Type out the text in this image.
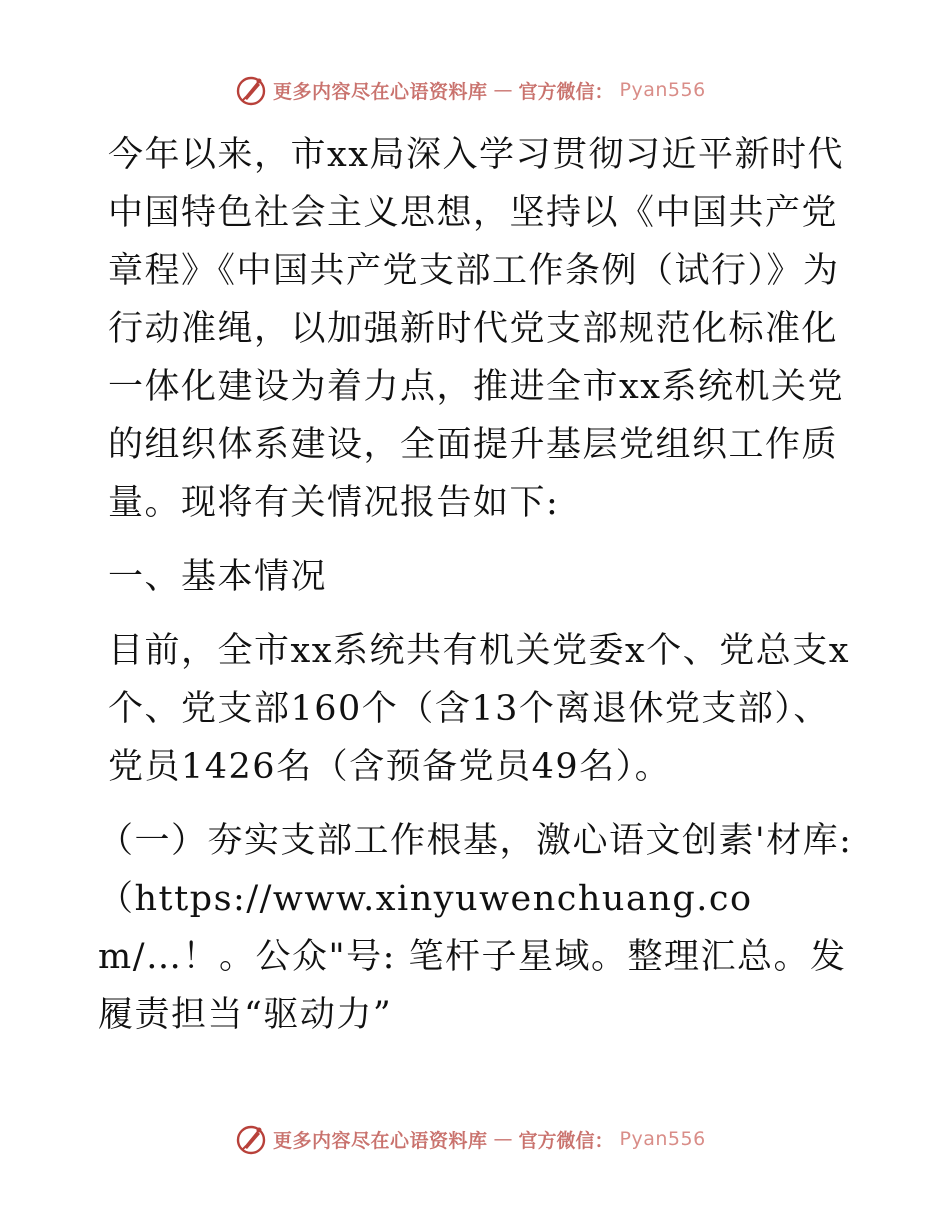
更多内容尽在心语资料库 — 官方微信： Pyan556

今年以来，市xx局深入学习贯彻习近平新时代中国特色社会主义思想，坚持以《中国共产党章程》《中国共产党支部工作条例（试行）》为行动准绳，以加强新时代党支部规范化标准化一体化建设为着力点，推进全市xx系统机关党的组织体系建设，全面提升基层党组织工作质量。现将有关情况报告如下:

一、基本情况

目前，全市xx系统共有机关党委x个、党总支x个、党支部160个（含13个离退休党支部）、党员1426名（含预备党员49名）。

（一）夯实支部工作根基，激心语文创素'材库:（https://www.xinyuwenchuang.com/…！。公众"号: 笔杆子星域。整理汇总。发履责担当“驱动力”

更多内容尽在心语资料库 — 官方微信： Pyan556
